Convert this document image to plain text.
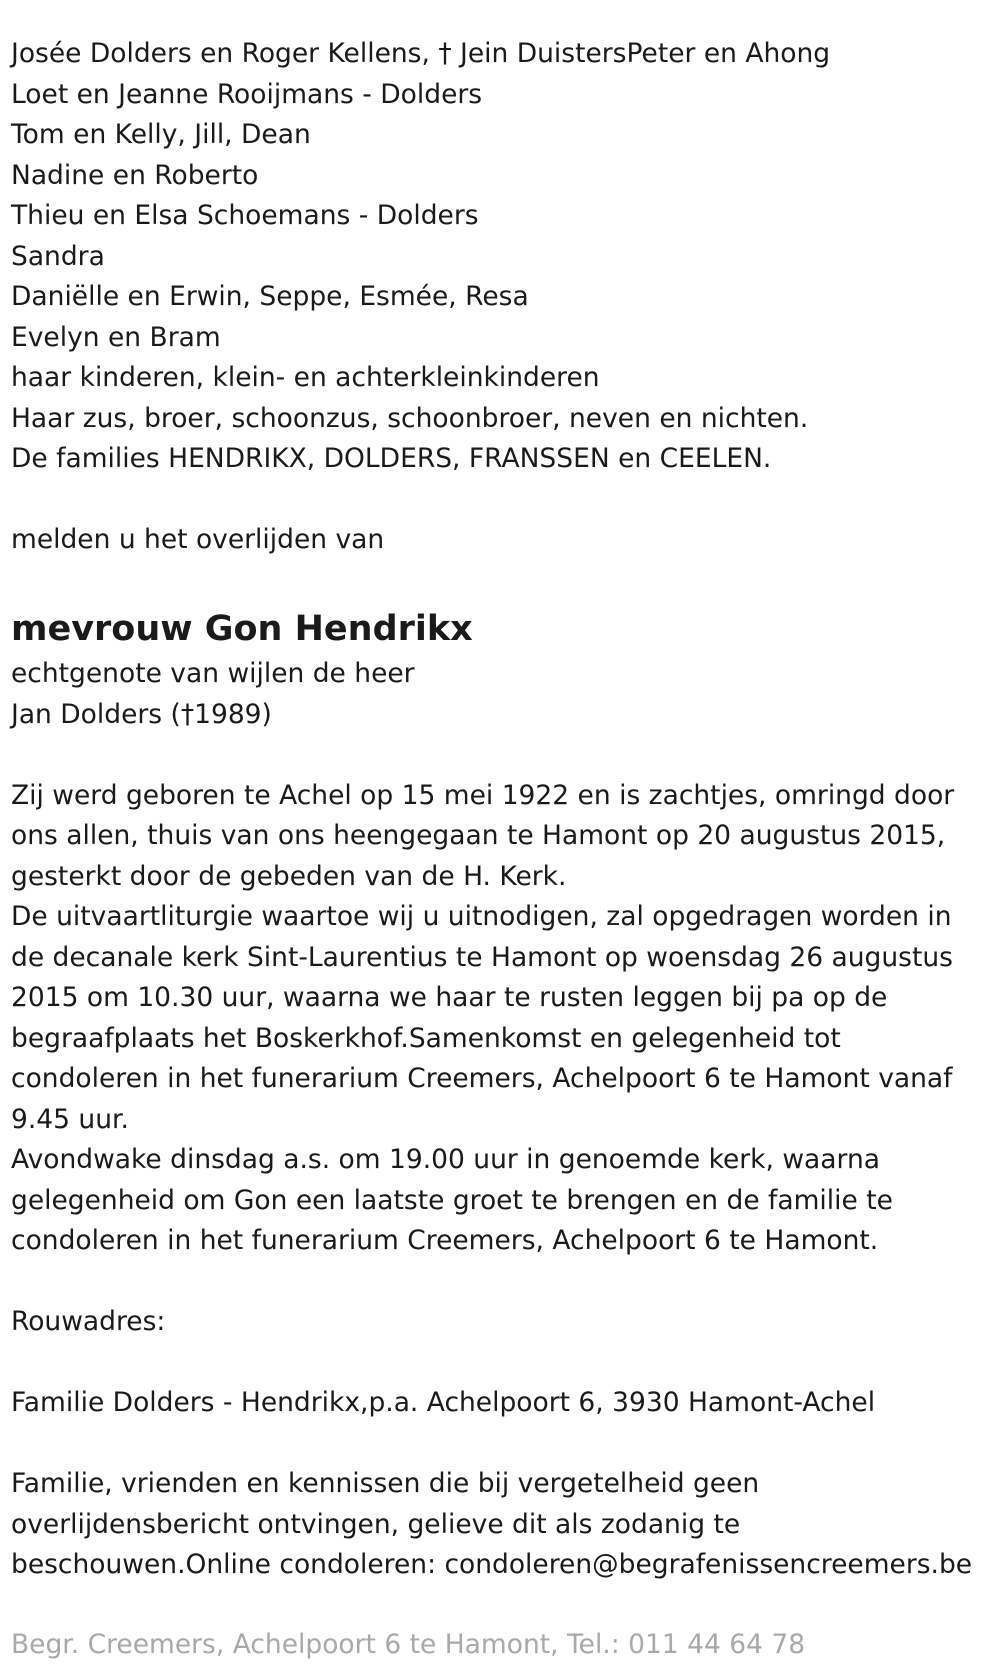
Josée Dolders en Roger Kellens, † Jein DuistersPeter en Ahong
Loet en Jeanne Rooijmans - Dolders
Tom en Kelly, Jill, Dean
Nadine en Roberto
Thieu en Elsa Schoemans - Dolders
Sandra
Daniëlle en Erwin, Seppe, Esmée, Resa
Evelyn en Bram
haar kinderen, klein- en achterkleinkinderen
Haar zus, broer, schoonzus, schoonbroer, neven en nichten.
De families HENDRIKX, DOLDERS, FRANSSEN en CEELEN.
melden u het overlijden van
mevrouw Gon Hendrikx
echtgenote van wijlen de heer
Jan Dolders (†1989)
Zij werd geboren te Achel op 15 mei 1922 en is zachtjes, omringd door
ons allen, thuis van ons heengegaan te Hamont op 20 augustus 2015,
gesterkt door de gebeden van de H. Kerk.
De uitvaartliturgie waartoe wij u uitnodigen, zal opgedragen worden in
de decanale kerk Sint-Laurentius te Hamont op woensdag 26 augustus
2015 om 10.30 uur, waarna we haar te rusten leggen bij pa op de
begraafplaats het Boskerkhof.Samenkomst en gelegenheid tot
condoleren in het funerarium Creemers, Achelpoort 6 te Hamont vanaf
9.45 uur.
Avondwake dinsdag a.s. om 19.00 uur in genoemde kerk, waarna
gelegenheid om Gon een laatste groet te brengen en de familie te
condoleren in het funerarium Creemers, Achelpoort 6 te Hamont.
Rouwadres:
Familie Dolders - Hendrikx,p.a. Achelpoort 6, 3930 Hamont-Achel
Familie, vrienden en kennissen die bij vergetelheid geen
overlijdensbericht ontvingen, gelieve dit als zodanig te
beschouwen.Online condoleren: condoleren@begrafenissencreemers.be
Begr. Creemers, Achelpoort 6 te Hamont, Tel.: 011 44 64 78
